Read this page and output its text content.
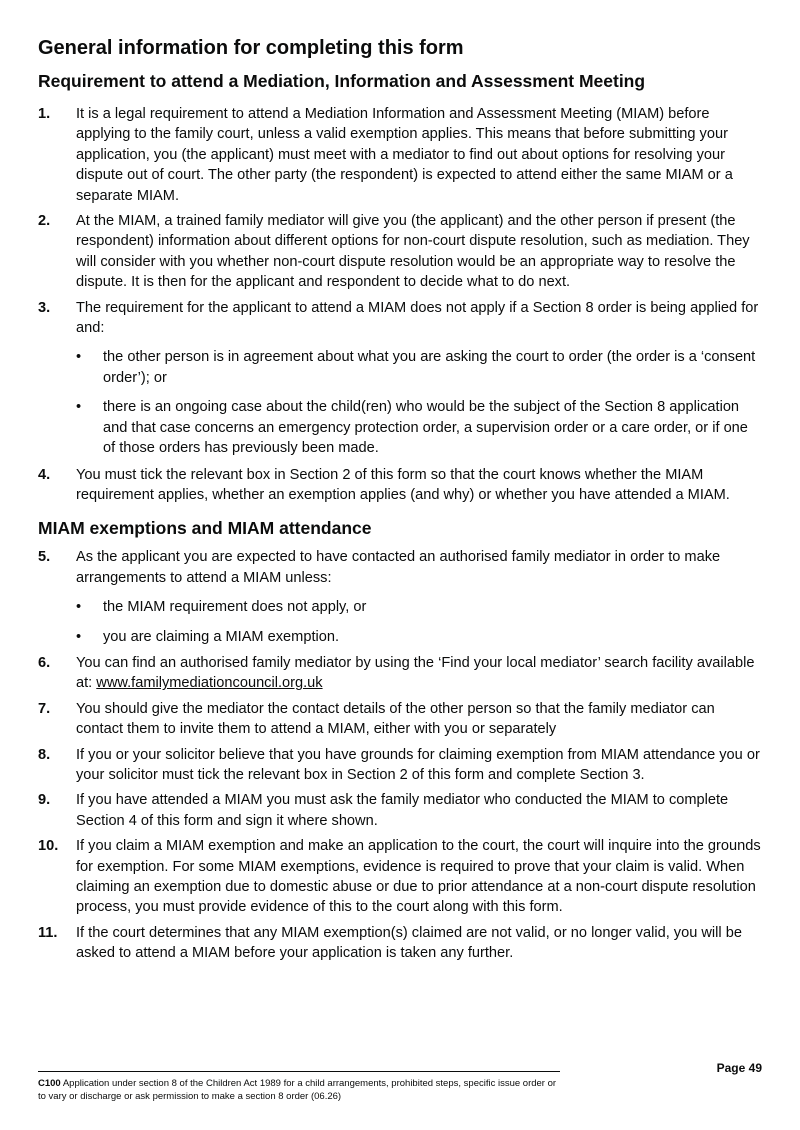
General information for completing this form
Requirement to attend a Mediation, Information and Assessment Meeting
1.	It is a legal requirement to attend a Mediation Information and Assessment Meeting (MIAM) before applying to the family court, unless a valid exemption applies. This means that before submitting your application, you (the applicant) must meet with a mediator to find out about options for resolving your dispute out of court. The other party (the respondent) is expected to attend either the same MIAM or a separate MIAM.
2.	At the MIAM, a trained family mediator will give you (the applicant) and the other person if present (the respondent) information about different options for non-court dispute resolution, such as mediation. They will consider with you whether non-court dispute resolution would be an appropriate way to resolve the dispute. It is then for the applicant and respondent to decide what to do next.
3.	The requirement for the applicant to attend a MIAM does not apply if a Section 8 order is being applied for and:
•	the other person is in agreement about what you are asking the court to order (the order is a ‘consent order’); or
•	there is an ongoing case about the child(ren) who would be the subject of the Section 8 application and that case concerns an emergency protection order, a supervision order or a care order, or if one of those orders has previously been made.
4.	You must tick the relevant box in Section 2 of this form so that the court knows whether the MIAM requirement applies, whether an exemption applies (and why) or whether you have attended a MIAM.
MIAM exemptions and MIAM attendance
5.	As the applicant you are expected to have contacted an authorised family mediator in order to make arrangements to attend a MIAM unless:
•	the MIAM requirement does not apply, or
•	you are claiming a MIAM exemption.
6.	You can find an authorised family mediator by using the ‘Find your local mediator’ search facility available at: www.familymediationcouncil.org.uk
7.	You should give the mediator the contact details of the other person so that the family mediator can contact them to invite them to attend a MIAM, either with you or separately
8.	If you or your solicitor believe that you have grounds for claiming exemption from MIAM attendance you or your solicitor must tick the relevant box in Section 2 of this form and complete Section 3.
9.	If you have attended a MIAM you must ask the family mediator who conducted the MIAM to complete Section 4 of this form and sign it where shown.
10.	If you claim a MIAM exemption and make an application to the court, the court will inquire into the grounds for exemption. For some MIAM exemptions, evidence is required to prove that your claim is valid. When claiming an exemption due to domestic abuse or due to prior attendance at a non-court dispute resolution process, you must provide evidence of this to the court along with this form.
11.	If the court determines that any MIAM exemption(s) claimed are not valid, or no longer valid, you will be asked to attend a MIAM before your application is taken any further.
Page 49
C100 Application under section 8 of the Children Act 1989 for a child arrangements, prohibited steps, specific issue order or to vary or discharge or ask permission to make a section 8 order (06.26)
